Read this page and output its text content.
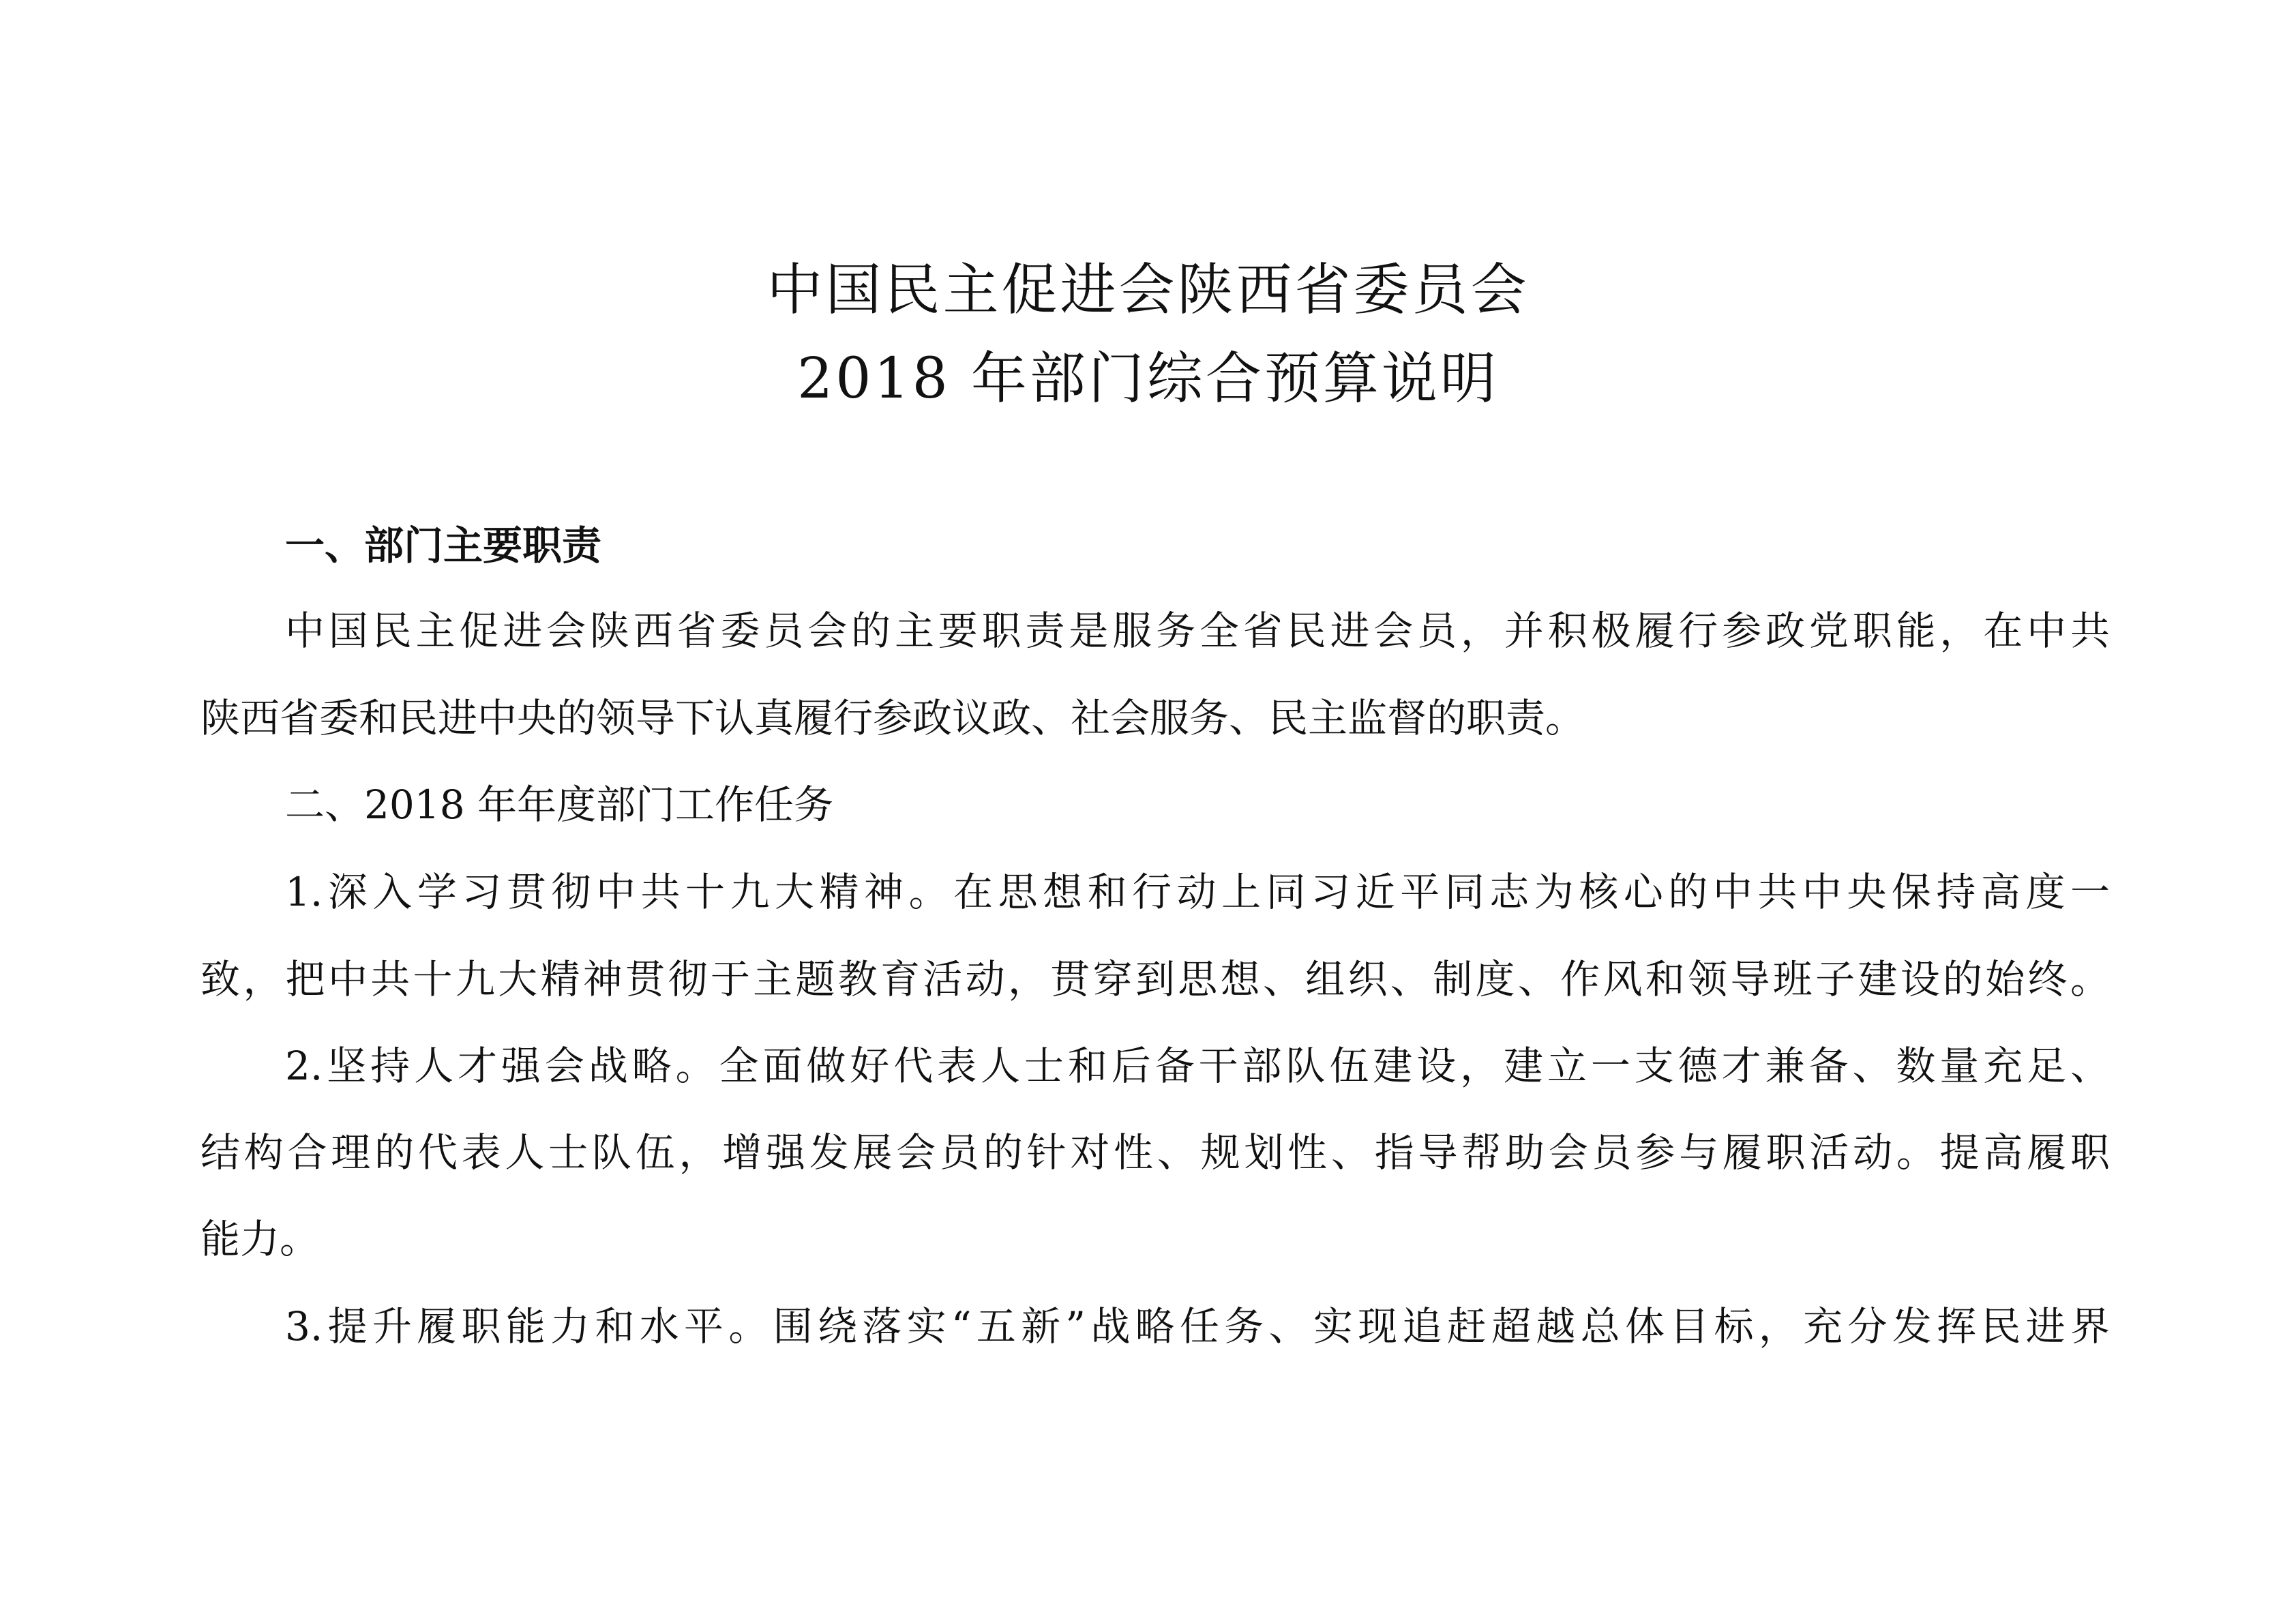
中国民主促进会陕西省委员会
2018 年部门综合预算说明
一、部门主要职责
中国民主促进会陕西省委员会的主要职责是服务全省民进会员，并积极履行参政党职能，在中共
陕西省委和民进中央的领导下认真履行参政议政、社会服务、民主监督的职责。
二、2018 年年度部门工作任务
1.深入学习贯彻中共十九大精神。在思想和行动上同习近平同志为核心的中共中央保持高度一
致，把中共十九大精神贯彻于主题教育活动，贯穿到思想、组织、制度、作风和领导班子建设的始终。
2.坚持人才强会战略。全面做好代表人士和后备干部队伍建设，建立一支德才兼备、数量充足、
结构合理的代表人士队伍，增强发展会员的针对性、规划性、指导帮助会员参与履职活动。提高履职
能力。
3.提升履职能力和水平。围绕落实“五新”战略任务、实现追赶超越总体目标，充分发挥民进界
